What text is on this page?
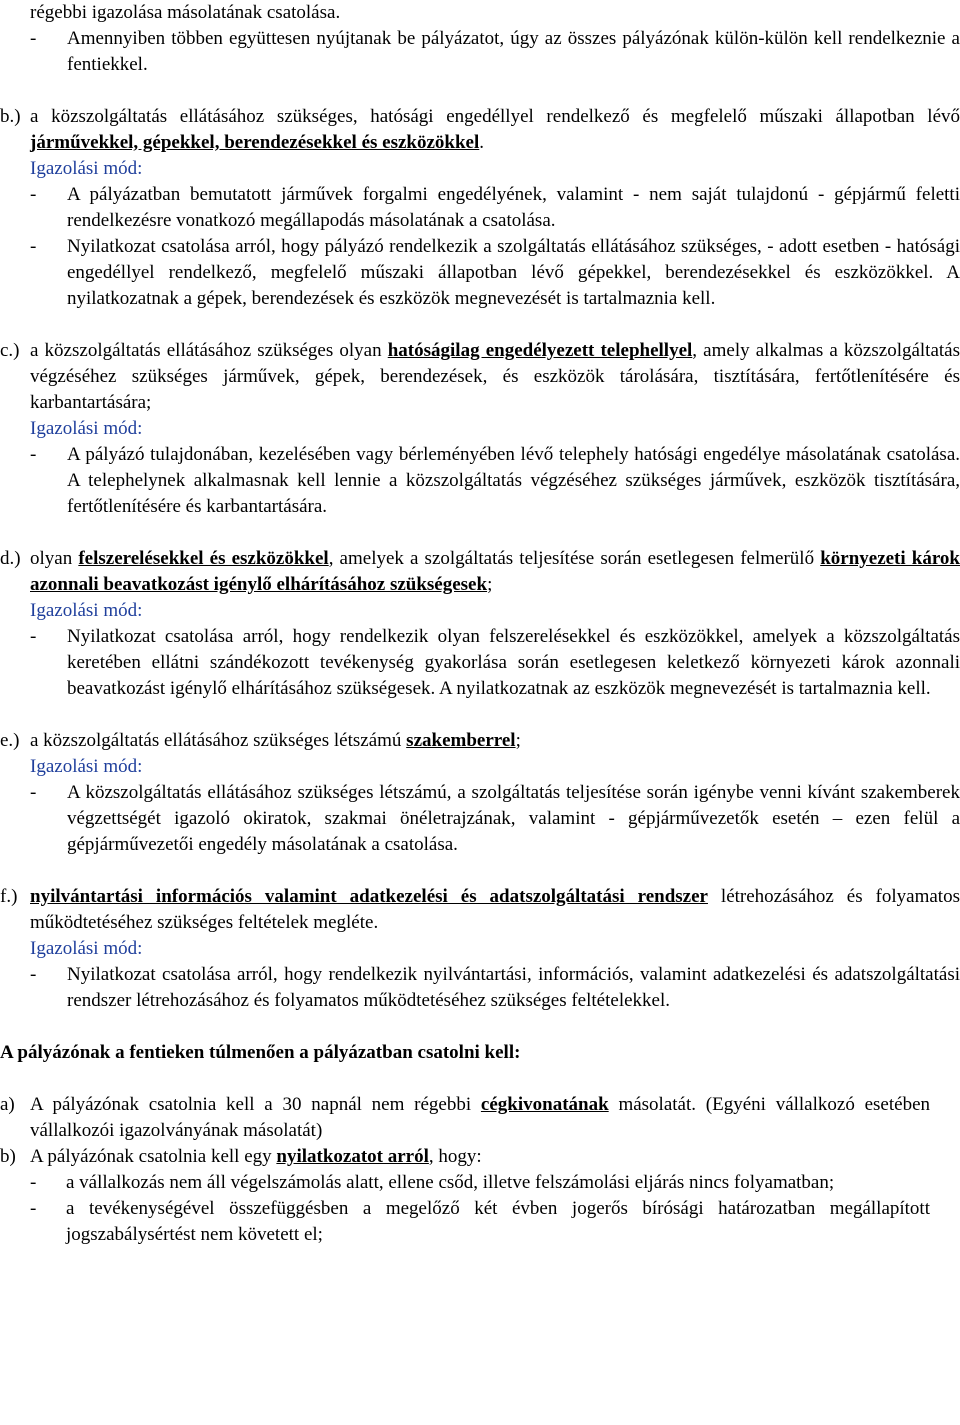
régebbi igazolása másolatának csatolása.
-	Amennyiben többen együttesen nyújtanak be pályázatot, úgy az összes pályázónak külön-külön kell rendelkeznie a fentiekkel.
b.) a közszolgáltatás ellátásához szükséges, hatósági engedéllyel rendelkező és megfelelő műszaki állapotban lévő járművekkel, gépekkel, berendezésekkel és eszközökkel.
Igazolási mód:
-	A pályázatban bemutatott járművek forgalmi engedélyének, valamint - nem saját tulajdonú - gépjármű feletti rendelkezésre vonatkozó megállapodás másolatának a csatolása.
-	Nyilatkozat csatolása arról, hogy pályázó rendelkezik a szolgáltatás ellátásához szükséges, - adott esetben - hatósági engedéllyel rendelkező, megfelelő műszaki állapotban lévő gépekkel, berendezésekkel és eszközökkel. A nyilatkozatnak a gépek, berendezések és eszközök megnevezését is tartalmaznia kell.
c.) a közszolgáltatás ellátásához szükséges olyan hatóságilag engedélyezett telephellyel, amely alkalmas a közszolgáltatás végzéséhez szükséges járművek, gépek, berendezések, és eszközök tárolására, tisztítására, fertőtlenítésére és karbantartására;
Igazolási mód:
-	A pályázó tulajdonában, kezelésében vagy bérleményében lévő telephely hatósági engedélye másolatának csatolása. A telephelynek alkalmasnak kell lennie a közszolgáltatás végzéséhez szükséges járművek, eszközök tisztítására, fertőtlenítésére és karbantartására.
d.) olyan felszerelésekkel és eszközökkel, amelyek a szolgáltatás teljesítése során esetlegesen felmerülő környezeti károk azonnali beavatkozást igénylő elhárításához szükségesek;
Igazolási mód:
-	Nyilatkozat csatolása arról, hogy rendelkezik olyan felszerelésekkel és eszközökkel, amelyek a közszolgáltatás keretében ellátni szándékozott tevékenység gyakorlása során esetlegesen keletkező környezeti károk azonnali beavatkozást igénylő elhárításához szükségesek. A nyilatkozatnak az eszközök megnevezését is tartalmaznia kell.
e.) a közszolgáltatás ellátásához szükséges létszámú szakemberrel;
Igazolási mód:
-	A közszolgáltatás ellátásához szükséges létszámú, a szolgáltatás teljesítése során igénybe venni kívánt szakemberek végzettségét igazoló okiratok, szakmai önéletrajzának, valamint - gépjárművezetők esetén – ezen felül a gépjárművezetői engedély másolatának a csatolása.
f.) nyilvántartási információs valamint adatkezelési és adatszolgáltatási rendszer létrehozásához és folyamatos működtetéséhez szükséges feltételek megléte.
Igazolási mód:
-	Nyilatkozat csatolása arról, hogy rendelkezik nyilvántartási, információs, valamint adatkezelési és adatszolgáltatási rendszer létrehozásához és folyamatos működtetéséhez szükséges feltételekkel.
A pályázónak a fentieken túlmenően a pályázatban csatolni kell:
a) A pályázónak csatolnia kell a 30 napnál nem régebbi cégkivonatának másolatát. (Egyéni vállalkozó esetében vállalkozói igazolványának másolatát)
b) A pályázónak csatolnia kell egy nyilatkozatot arról, hogy:
- a vállalkozás nem áll végelszámolás alatt, ellene csőd, illetve felszámolási eljárás nincs folyamatban;
- a tevékenységével összefüggésben a megelőző két évben jogerős bírósági határozatban megállapított jogszabálysértést nem követett el;
